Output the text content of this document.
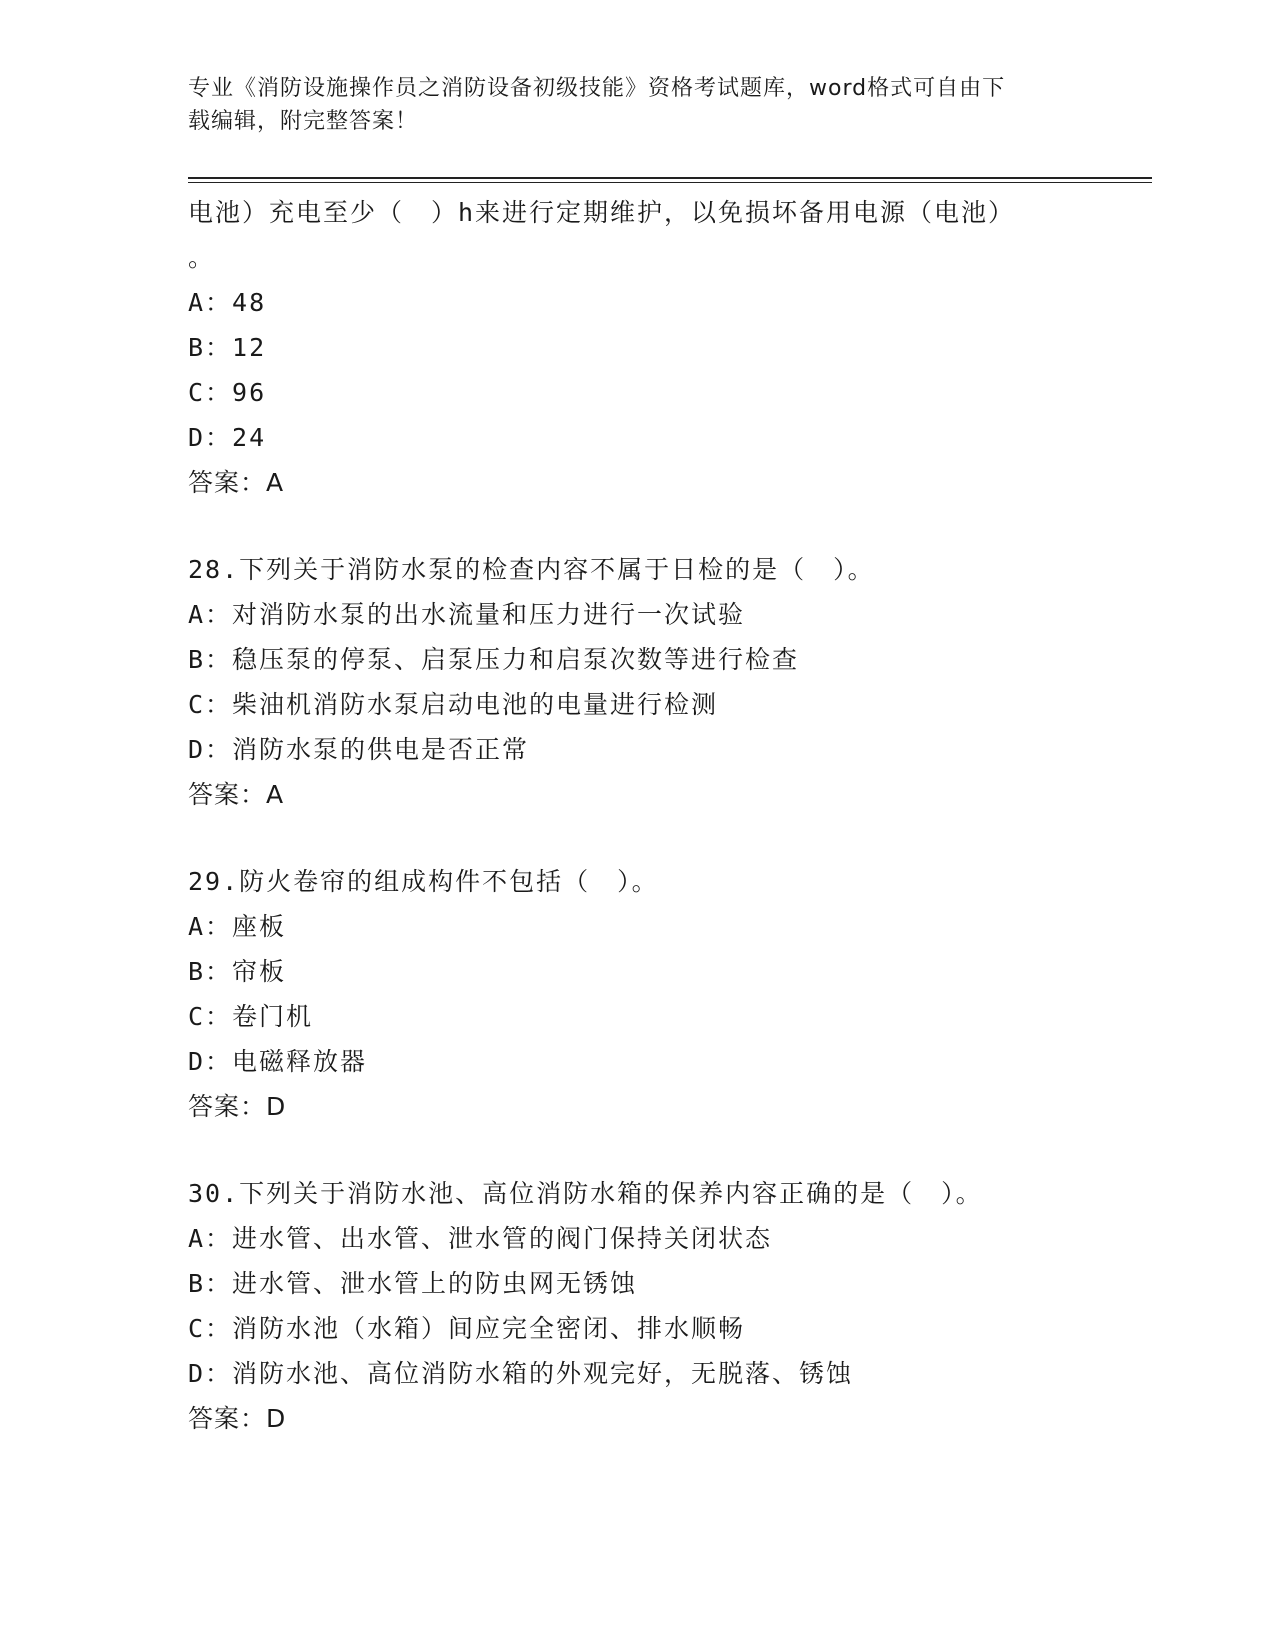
专业《消防设施操作员之消防设备初级技能》资格考试题库，word格式可自由下
载编辑，附完整答案！
电池）充电至少（　）h来进行定期维护，以免损坏备用电源（电池）
。
A：48
B：12
C：96
D：24
答案：A
28.下列关于消防水泵的检查内容不属于日检的是（　）。
A：对消防水泵的出水流量和压力进行一次试验
B：稳压泵的停泵、启泵压力和启泵次数等进行检查
C：柴油机消防水泵启动电池的电量进行检测
D：消防水泵的供电是否正常
答案：A
29.防火卷帘的组成构件不包括（　）。
A：座板
B：帘板
C：卷门机
D：电磁释放器
答案：D
30.下列关于消防水池、高位消防水箱的保养内容正确的是（　）。
A：进水管、出水管、泄水管的阀门保持关闭状态
B：进水管、泄水管上的防虫网无锈蚀
C：消防水池（水箱）间应完全密闭、排水顺畅
D：消防水池、高位消防水箱的外观完好，无脱落、锈蚀
答案：D
